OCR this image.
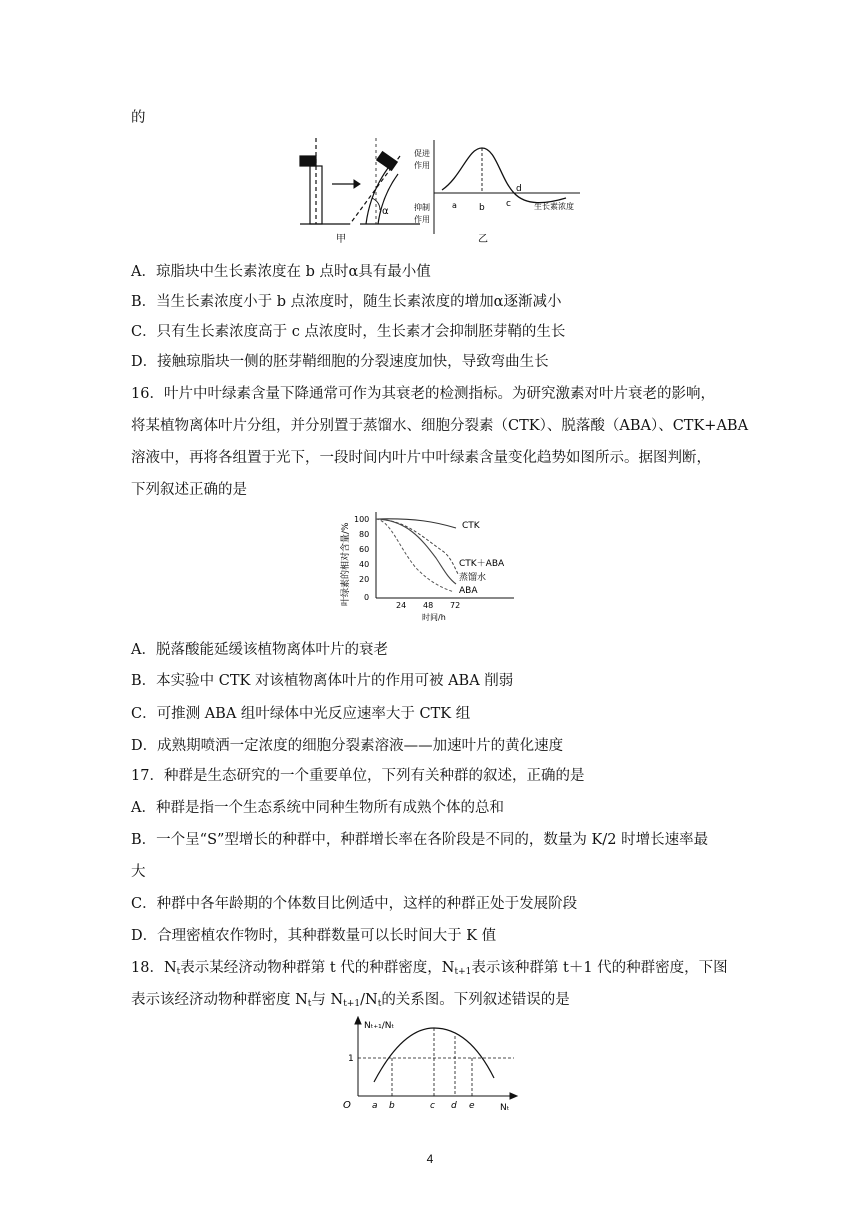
的
α
甲
促进
作用
抑制
作用
a b c
d
生长素浓度
乙
A．琼脂块中生长素浓度在 b 点时α具有最小值
B．当生长素浓度小于 b 点浓度时，随生长素浓度的增加α逐渐减小
C．只有生长素浓度高于 c 点浓度时，生长素才会抑制胚芽鞘的生长
D．接触琼脂块一侧的胚芽鞘细胞的分裂速度加快，导致弯曲生长
16．叶片中叶绿素含量下降通常可作为其衰老的检测指标。为研究激素对叶片衰老的影响，
将某植物离体叶片分组，并分别置于蒸馏水、细胞分裂素（CTK）、脱落酸（ABA）、CTK+ABA
溶液中，再将各组置于光下，一段时间内叶片中叶绿素含量变化趋势如图所示。据图判断，
下列叙述正确的是
叶绿素的相对含量/%
100
80
60
40
20
0
24 48 72
时间/h
CTK
CTK＋ABA
蒸馏水
ABA
A．脱落酸能延缓该植物离体叶片的衰老
B．本实验中 CTK 对该植物离体叶片的作用可被 ABA 削弱
C．可推测 ABA 组叶绿体中光反应速率大于 CTK 组
D．成熟期喷洒一定浓度的细胞分裂素溶液——加速叶片的黄化速度
17．种群是生态研究的一个重要单位，下列有关种群的叙述，正确的是
A．种群是指一个生态系统中同种生物所有成熟个体的总和
B．一个呈“S”型增长的种群中，种群增长率在各阶段是不同的，数量为 K/2 时增长速率最
大
C．种群中各年龄期的个体数目比例适中，这样的种群正处于发展阶段
D．合理密植农作物时，其种群数量可以长时间大于 K 值
18．$N_t$表示某经济动物种群第 t 代的种群密度，$N_{t+1}$表示该种群第 t＋1 代的种群密度，下图
表示该经济动物种群密度 $N_t$与 $N_{t+1}/N_t$的关系图。下列叙述错误的是
Nₜ₊₁/Nₜ
1
O a b	c d e	Nₜ
4
